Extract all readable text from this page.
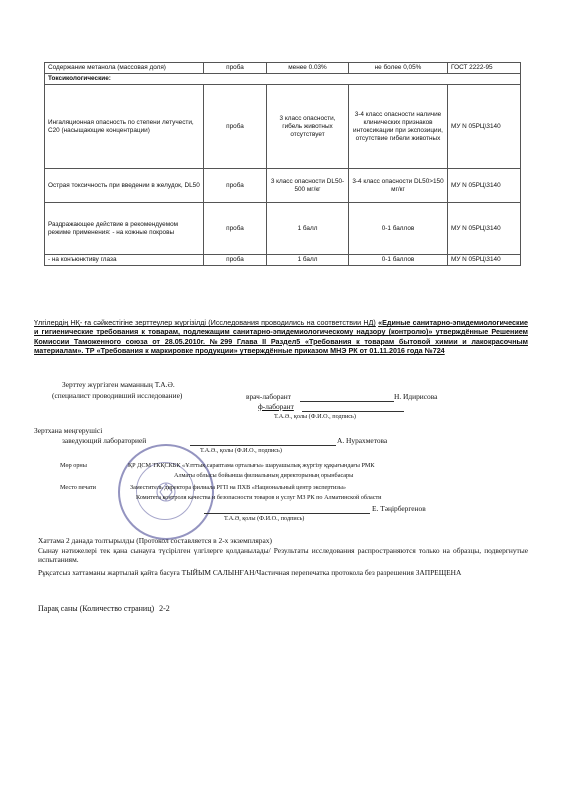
Содержание метанола (массовая доля)	проба	менее 0.03%	не более 0,05%	ГОСТ 2222-95
Токсикологические:				
Ингаляционная опасность по степени летучести, C20 (насыщающие концентрации)	проба	3 класс опасности, гибель животных отсутствует	3-4 класс опасности наличие клинических признаков интоксикации при экспозиции, отсутствие гибели животных	МУ N 05РЦ\3140
Острая токсичность при введении в желудок, DL50	проба	3 класс опасности DL50-500 мг/кг	3-4 класс опасности DL50>150 мг/кг	МУ N 05РЦ\3140
Раздражающее действие в рекомендуемом режиме применения: - на кожные покровы	проба	1 балл	0-1 баллов	МУ N 05РЦ\3140
- на конъюнктиву глаза	проба	1 балл	0-1 баллов	МУ N 05РЦ\3140
Үлгілердің НҚ- ға сәйкестігіне зерттеулер жүргізілді (Исследования проводились на соответствии НД) «Единые санитарно-эпидемиологические и гигиенические требования к товарам, подлежащим санитарно-эпидемиологическому надзору (контролю)» утверждённые Решением Комиссии Таможенного союза от 28.05.2010г. №299 Глава II Раздел5 «Требования к товарам бытовой химии и лакокрасочным материалам». ТР «Требования к маркировке продукции» утверждённые приказом МНЭ РК от 01.11.2016 года №724
Зерттеу жүргізген маманның Т.А.Ә.
(специалист проводивший исследование)	врач-лаборант	Н. Идирисова
ф-лаборант
Т.А.Ә., қолы (Ф.И.О., подпись)
Зертхана меңгерушісі
заведующий лабораторией	А. Нурахметова
Т.А.Ә., қолы (Ф.И.О., подпись)
Мөр орны	ҚР ДСМ ТКҚСКБК «Ұлттық сараптама орталығы» шаруашылық жүргізу құқығындағы РМК
Алматы облысы бойынша филиалының директорының орынбасары
Место печати	Заместитель директора филиала РГП на ПХВ «Национальный центр экспертизы»
Комитета контроля качества и безопасности товаров и услуг МЗ РК по Алматинской области
Е. Тәңірбергенов
Т.А.Ә, қолы (Ф.И.О., подпись)
Хаттама 2 данада толтырылды (Протокол составляется в 2-х экземплярах)
Сынау нәтижелері тек қана сынауға түсірілген үлгілерге қолданылады/ Результаты исследования распространяются только на образцы, подвергнутые испытаниям.
Рұқсатсыз хаттаманы жартылай қайта басуға ТЫЙЫМ САЛЫНҒАН/Частичная перепечатка протокола без разрешения ЗАПРЕЩЕНА
Парақ саны (Количество страниц) 2-2
